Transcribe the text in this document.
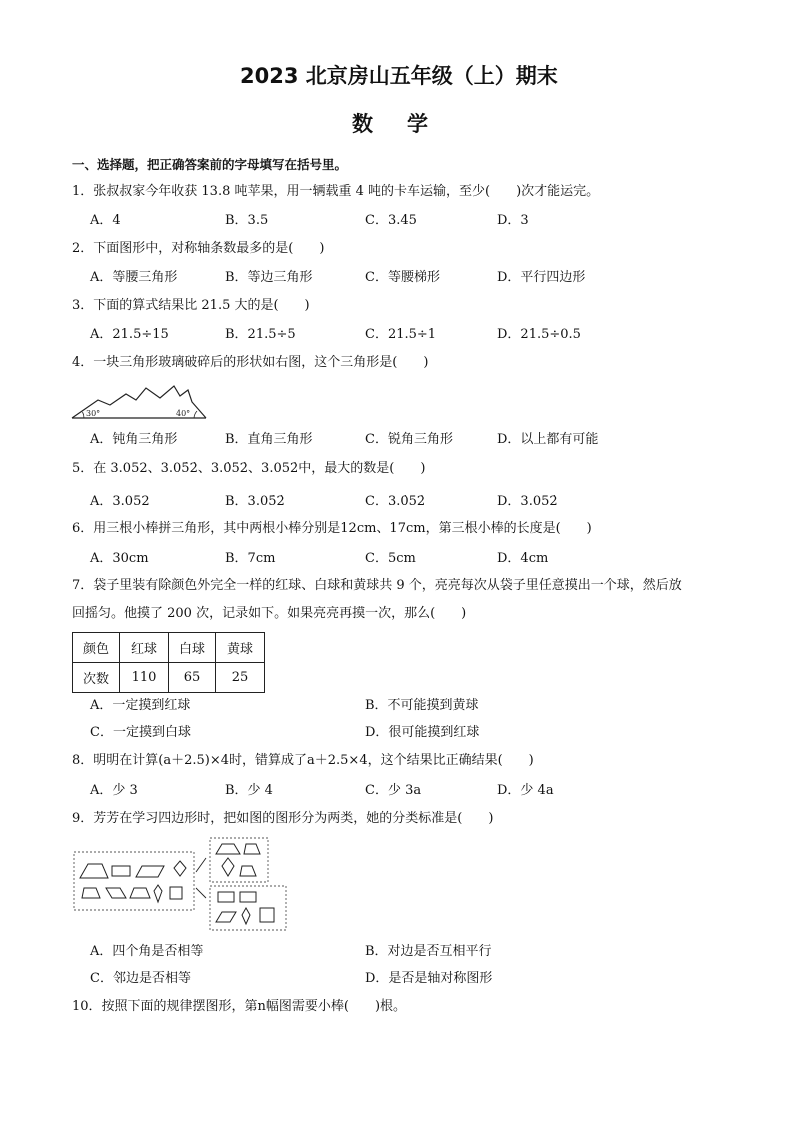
2023 北京房山五年级（上）期末
数学
一、选择题，把正确答案前的字母填写在括号里。
1．张叔叔家今年收获 13.8 吨苹果，用一辆载重 4 吨的卡车运输，至少(　　)次才能运完。
A．4	B．3.5	C．3.45	D．3
2．下面图形中，对称轴条数最多的是(　　)
A．等腰三角形	B．等边三角形	C．等腰梯形	D．平行四边形
3．下面的算式结果比 21.5 大的是(　　)
A．21.5÷15	B．21.5÷5	C．21.5÷1	D．21.5÷0.5
4．一块三角形玻璃破碎后的形状如右图，这个三角形是(　　)
30°	40°
A．钝角三角形	B．直角三角形	C．锐角三角形	D．以上都有可能
5．在 3.052、3.05̇2̇、3.0̇52̇、3.052̇中，最大的数是(　　)
A．3.052	B．3.05̇2̇	C．3.0̇52̇	D．3.052̇
6．用三根小棒拼三角形，其中两根小棒分别是12cm、17cm，第三根小棒的长度是(　　)
A．30cm	B．7cm	C．5cm	D．4cm
7．袋子里装有除颜色外完全一样的红球、白球和黄球共 9 个，亮亮每次从袋子里任意摸出一个球，然后放
回摇匀。他摸了 200 次，记录如下。如果亮亮再摸一次，那么(　　)
颜色	红球	白球	黄球
次数	110	65	25
A．一定摸到红球	B．不可能摸到黄球
C．一定摸到白球	D．很可能摸到红球
8．明明在计算(a＋2.5)×4时，错算成了a＋2.5×4，这个结果比正确结果(　　)
A．少 3	B．少 4	C．少 3a	D．少 4a
9．芳芳在学习四边形时，把如图的图形分为两类，她的分类标准是(　　)
A．四个角是否相等	B．对边是否互相平行
C．邻边是否相等	D．是否是轴对称图形
10．按照下面的规律摆图形，第n幅图需要小棒(　　)根。
